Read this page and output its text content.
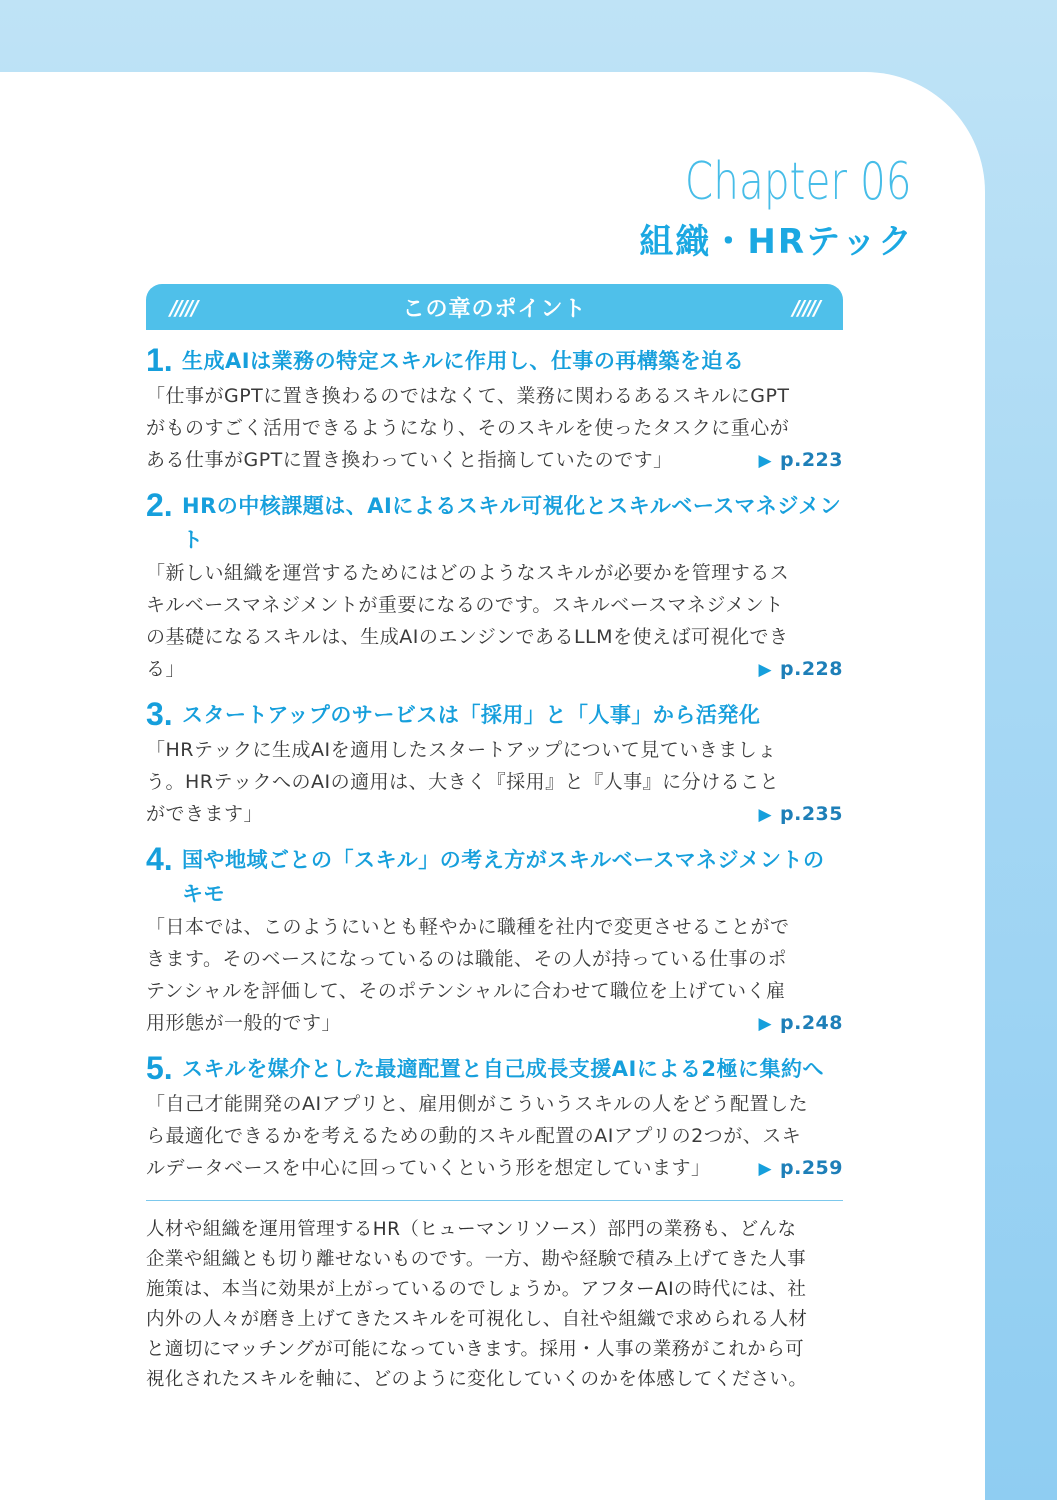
Chapter 06
組織・HRテック
/////	この章のポイント	/////
1. 生成AIは業務の特定スキルに作用し、仕事の再構築を迫る

「仕事がGPTに置き換わるのではなくて、業務に関わるあるスキルにGPT

がものすごく活用できるようになり、そのスキルを使ったタスクに重心が

ある仕事がGPTに置き換わっていくと指摘していたのです」	▶ p.223
2. HRの中核課題は、AIによるスキル可視化とスキルベースマネジメント

「新しい組織を運営するためにはどのようなスキルが必要かを管理するス

キルベースマネジメントが重要になるのです。スキルベースマネジメント

の基礎になるスキルは、生成AIのエンジンであるLLMを使えば可視化でき

る」	▶ p.228
3. スタートアップのサービスは「採用」と「人事」から活発化

「HRテックに生成AIを適用したスタートアップについて見ていきましょ

う。HRテックへのAIの適用は、大きく『採用』と『人事』に分けること

ができます」	▶ p.235
4. 国や地域ごとの「スキル」の考え方がスキルベースマネジメントのキモ

「日本では、このようにいとも軽やかに職種を社内で変更させることがで

きます。そのベースになっているのは職能、その人が持っている仕事のポ

テンシャルを評価して、そのポテンシャルに合わせて職位を上げていく雇

用形態が一般的です」	▶ p.248
5. スキルを媒介とした最適配置と自己成長支援AIによる2極に集約へ

「自己才能開発のAIアプリと、雇用側がこういうスキルの人をどう配置した

ら最適化できるかを考えるための動的スキル配置のAIアプリの2つが、スキ

ルデータベースを中心に回っていくという形を想定しています」	▶ p.259

人材や組織を運用管理するHR（ヒューマンリソース）部門の業務も、どんな

企業や組織とも切り離せないものです。一方、勘や経験で積み上げてきた人事

施策は、本当に効果が上がっているのでしょうか。アフターAIの時代には、社

内外の人々が磨き上げてきたスキルを可視化し、自社や組織で求められる人材

と適切にマッチングが可能になっていきます。採用・人事の業務がこれから可

視化されたスキルを軸に、どのように変化していくのかを体感してください。
